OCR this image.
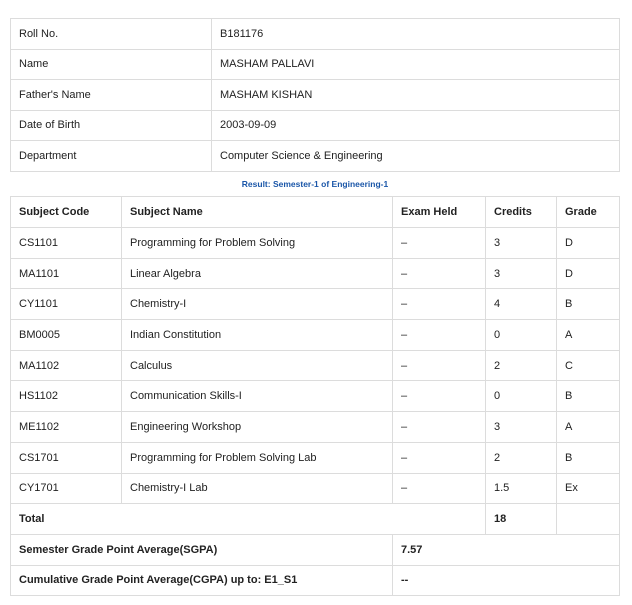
Roll No.	B181176
Name	MASHAM PALLAVI
Father's Name	MASHAM KISHAN
Date of Birth	2003-09-09
Department	Computer Science & Engineering
Result: Semester-1 of Engineering-1
Subject Code	Subject Name	Exam Held	Credits	Grade
CS1101	Programming for Problem Solving	–	3	D
MA1101	Linear Algebra	–	3	D
CY1101	Chemistry-I	–	4	B
BM0005	Indian Constitution	–	0	A
MA1102	Calculus	–	2	C
HS1102	Communication Skills-I	–	0	B
ME1102	Engineering Workshop	–	3	A
CS1701	Programming for Problem Solving Lab	–	2	B
CY1701	Chemistry-I Lab	–	1.5	Ex
Total			18	
Semester Grade Point Average(SGPA)		7.57		
Cumulative Grade Point Average(CGPA) up to: E1_S1		--		
